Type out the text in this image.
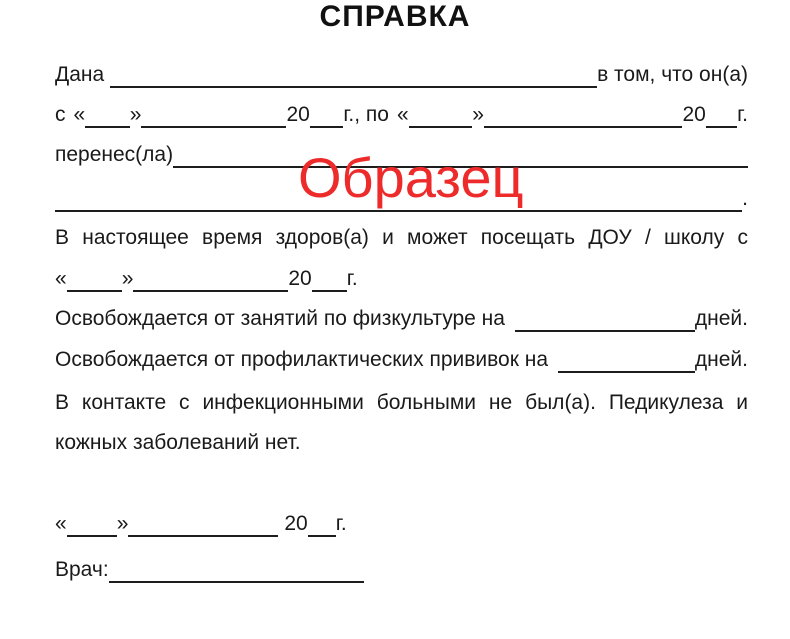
СПРАВКА
Образец
Дана	в том, что он(а)
с « »	20 г., по «	»	20 г.
перенес(ла)
.
В настоящее время здоров(а) и может посещать ДОУ / школу с
«	»	20 г.
Освобождается от занятий по физкультуре на	дней.
Освобождается от профилактических прививок на	дней.
В контакте с инфекционными больными не был(а). Педикулеза и
кожных заболеваний нет.
« »	20 г.
Врач:
